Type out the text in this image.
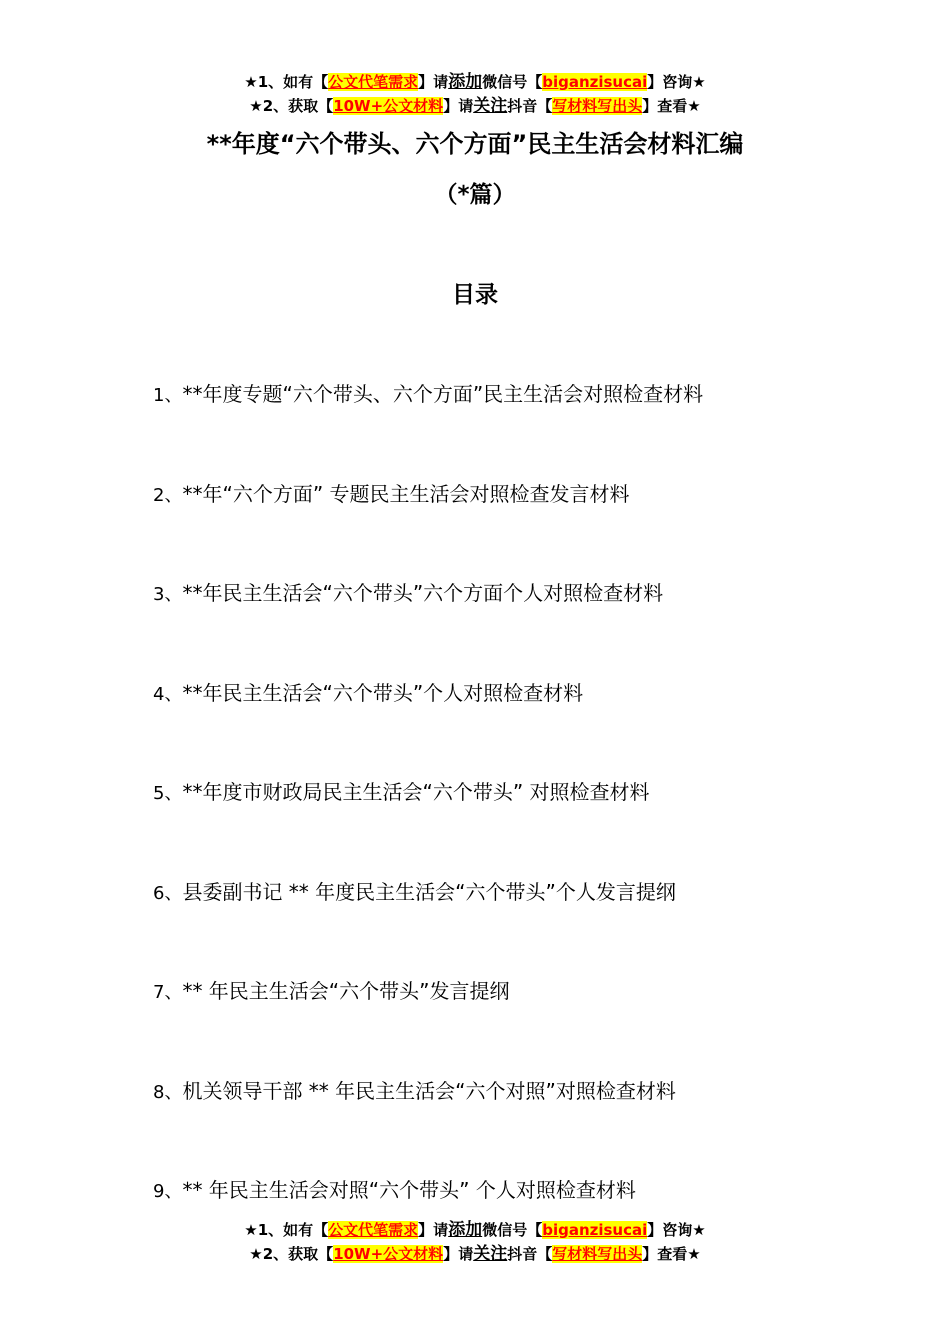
★1、如有【公文代笔需求】请添加微信号【biganzisucai】咨询★
★2、获取【10W+公文材料】请关注抖音【写材料写出头】查看★
**年度“六个带头、六个方面”民主生活会材料汇编
（*篇）
目录
1、**年度专题“六个带头、六个方面”民主生活会对照检查材料
2、**年“六个方面” 专题民主生活会对照检查发言材料
3、**年民主生活会“六个带头”六个方面个人对照检查材料
4、**年民主生活会“六个带头”个人对照检查材料
5、**年度市财政局民主生活会“六个带头” 对照检查材料
6、县委副书记 ** 年度民主生活会“六个带头”个人发言提纲
7、** 年民主生活会“六个带头”发言提纲
8、机关领导干部 ** 年民主生活会“六个对照”对照检查材料
9、** 年民主生活会对照“六个带头” 个人对照检查材料
★1、如有【公文代笔需求】请添加微信号【biganzisucai】咨询★
★2、获取【10W+公文材料】请关注抖音【写材料写出头】查看★
